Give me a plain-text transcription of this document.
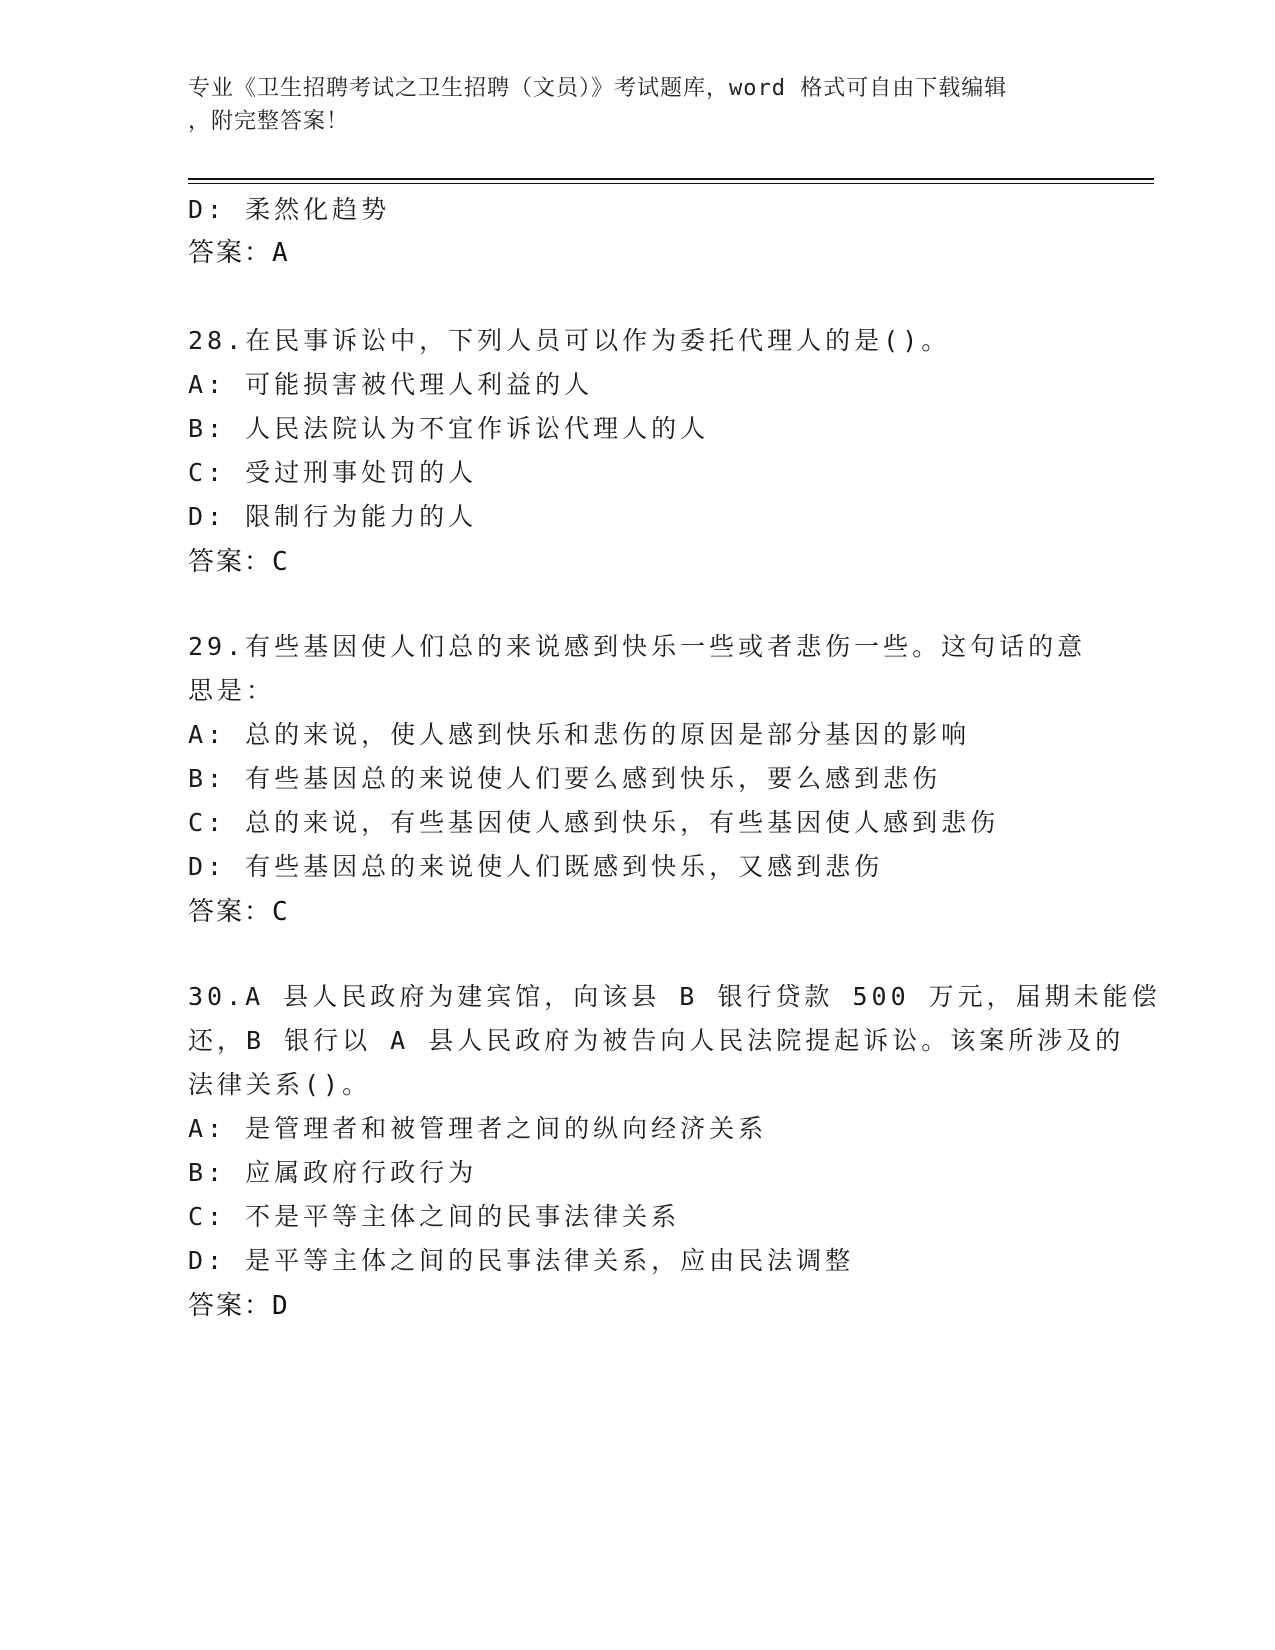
专业《卫生招聘考试之卫生招聘（文员）》考试题库，word 格式可自由下载编辑
，附完整答案！
D: 柔然化趋势
答案：A
28.在民事诉讼中，下列人员可以作为委托代理人的是()。
A: 可能损害被代理人利益的人
B: 人民法院认为不宜作诉讼代理人的人
C: 受过刑事处罚的人
D: 限制行为能力的人
答案：C
29.有些基因使人们总的来说感到快乐一些或者悲伤一些。这句话的意
思是：
A: 总的来说，使人感到快乐和悲伤的原因是部分基因的影响
B: 有些基因总的来说使人们要么感到快乐，要么感到悲伤
C: 总的来说，有些基因使人感到快乐，有些基因使人感到悲伤
D: 有些基因总的来说使人们既感到快乐，又感到悲伤
答案：C
30.A 县人民政府为建宾馆，向该县 B 银行贷款 500 万元，届期未能偿
还，B 银行以 A 县人民政府为被告向人民法院提起诉讼。该案所涉及的
法律关系()。
A: 是管理者和被管理者之间的纵向经济关系
B: 应属政府行政行为
C: 不是平等主体之间的民事法律关系
D: 是平等主体之间的民事法律关系，应由民法调整
答案：D
